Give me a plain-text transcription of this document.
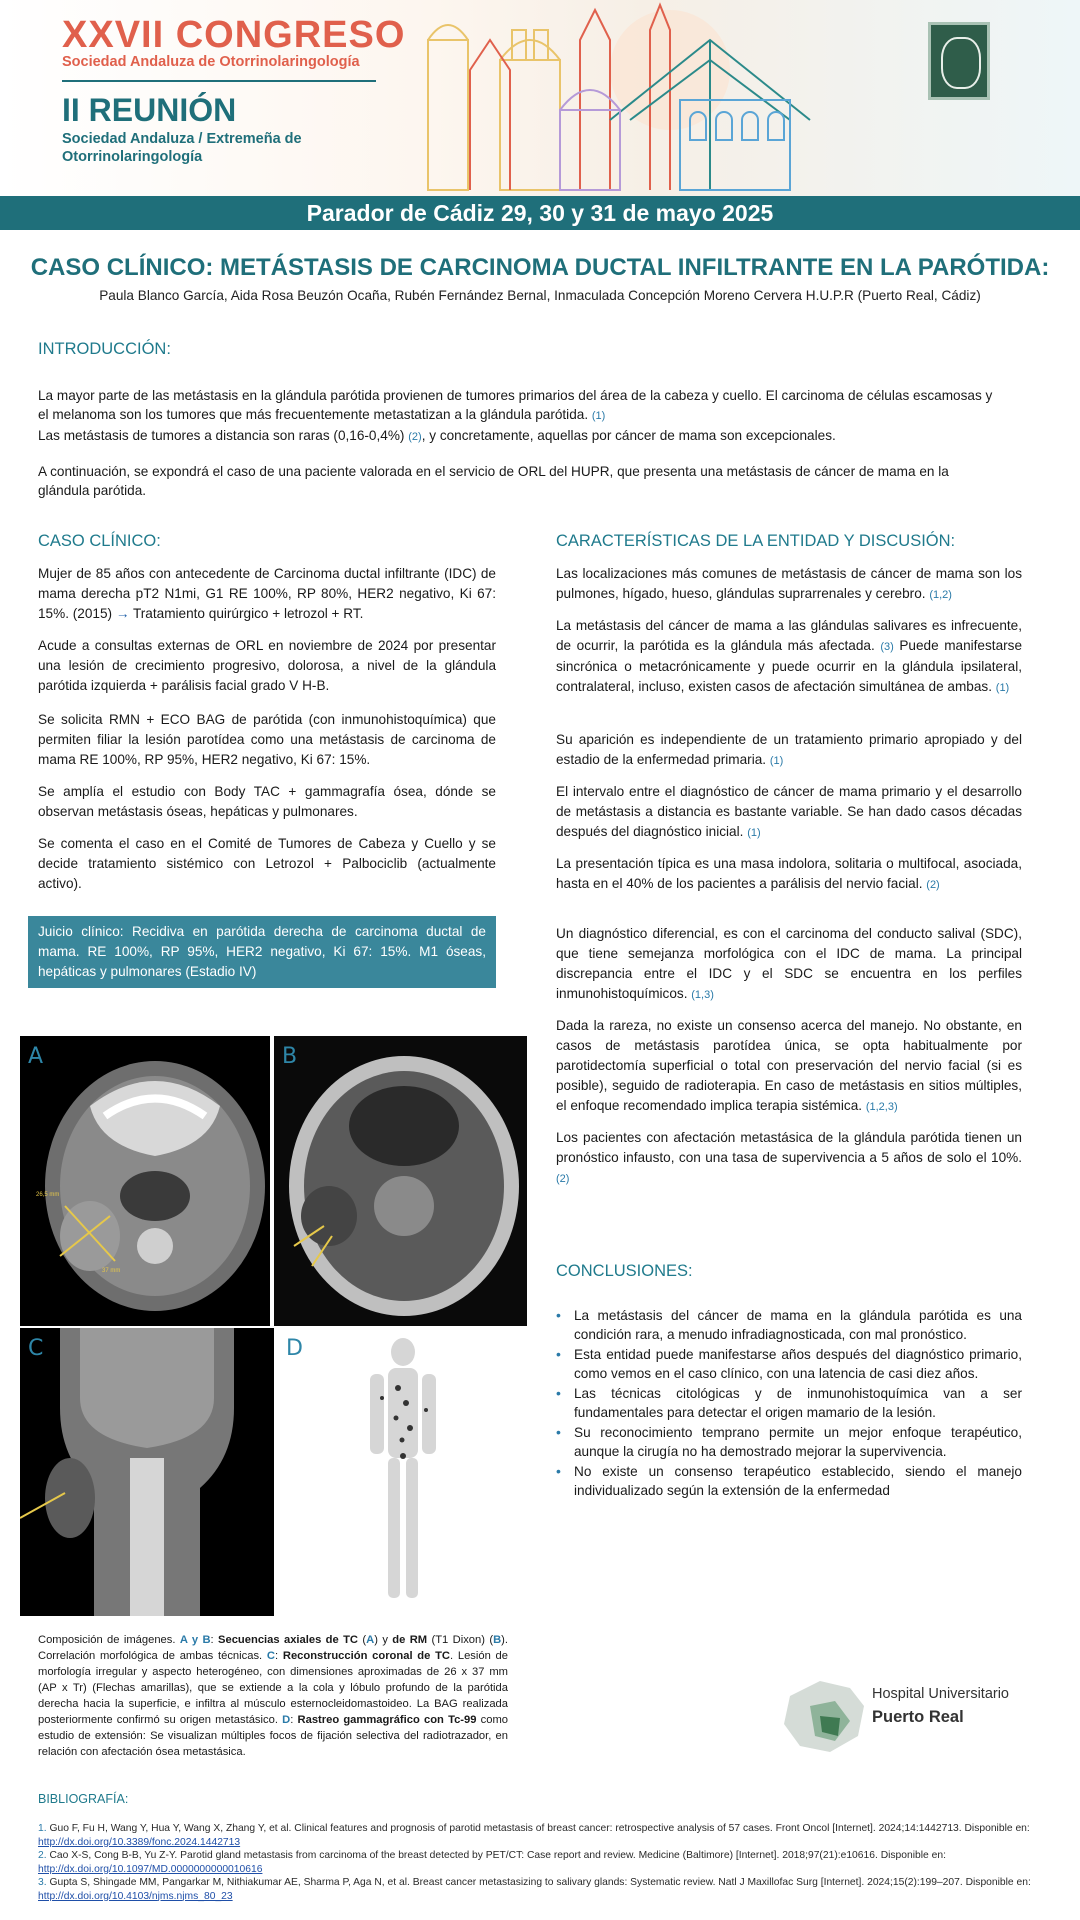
XXVII CONGRESO
Sociedad Andaluza de Otorrinolaringología
II REUNIÓN
Sociedad Andaluza / Extremeña de Otorrinolaringología
Parador de Cádiz 29, 30 y 31 de mayo 2025
CASO CLÍNICO: METÁSTASIS DE CARCINOMA DUCTAL INFILTRANTE EN LA PARÓTIDA:
Paula Blanco García, Aida Rosa Beuzón Ocaña, Rubén Fernández Bernal, Inmaculada Concepción Moreno Cervera H.U.P.R (Puerto Real, Cádiz)
INTRODUCCIÓN:
La mayor parte de las metástasis en la glándula parótida provienen de tumores primarios del área de la cabeza y cuello. El carcinoma de células escamosas y el melanoma son los tumores que más frecuentemente metastatizan a la glándula parótida. (1)
Las metástasis de tumores a distancia son raras (0,16-0,4%) (2), y concretamente, aquellas por cáncer de mama son excepcionales.
A continuación, se expondrá el caso de una paciente valorada en el servicio de ORL del HUPR, que presenta una metástasis de cáncer de mama en la glándula parótida.
CASO CLÍNICO:
Mujer de 85 años con antecedente de Carcinoma ductal infiltrante (IDC) de mama derecha pT2 N1mi, G1 RE 100%, RP 80%, HER2 negativo, Ki 67: 15%. (2015) → Tratamiento quirúrgico + letrozol + RT.
Acude a consultas externas de ORL en noviembre de 2024 por presentar una lesión de crecimiento progresivo, dolorosa, a nivel de la glándula parótida izquierda + parálisis facial grado V H-B.
Se solicita RMN + ECO BAG de parótida (con inmunohistoquímica) que permiten filiar la lesión parotídea como una metástasis de carcinoma de mama RE 100%, RP 95%, HER2 negativo, Ki 67: 15%.
Se amplía el estudio con Body TAC + gammagrafía ósea, dónde se observan metástasis óseas, hepáticas y pulmonares.
Se comenta el caso en el Comité de Tumores de Cabeza y Cuello y se decide tratamiento sistémico con Letrozol + Palbociclib (actualmente activo).
Juicio clínico: Recidiva en parótida derecha de carcinoma ductal de mama. RE 100%, RP 95%, HER2 negativo, Ki 67: 15%. M1 óseas, hepáticas y pulmonares (Estadio IV)
26,5 mm
37 mm
A	B
C	D
Composición de imágenes. A y B: Secuencias axiales de TC (A) y de RM (T1 Dixon) (B). Correlación morfológica de ambas técnicas. C: Reconstrucción coronal de TC. Lesión de morfología irregular y aspecto heterogéneo, con dimensiones aproximadas de 26 x 37 mm (AP x Tr) (Flechas amarillas), que se extiende a la cola y lóbulo profundo de la parótida derecha hacia la superficie, e infiltra al músculo esternocleidomastoideo. La BAG realizada posteriormente confirmó su origen metastásico. D: Rastreo gammagráfico con Tc-99 como estudio de extensión: Se visualizan múltiples focos de fijación selectiva del radiotrazador, en relación con afectación ósea metastásica.
CARACTERÍSTICAS DE LA ENTIDAD Y DISCUSIÓN:
Las localizaciones más comunes de metástasis de cáncer de mama son los pulmones, hígado, hueso, glándulas suprarrenales y cerebro. (1,2)
La metástasis del cáncer de mama a las glándulas salivares es infrecuente, de ocurrir, la parótida es la glándula más afectada. (3) Puede manifestarse sincrónica o metacrónicamente y puede ocurrir en la glándula ipsilateral, contralateral, incluso, existen casos de afectación simultánea de ambas. (1)
Su aparición es independiente de un tratamiento primario apropiado y del estadio de la enfermedad primaria. (1)
El intervalo entre el diagnóstico de cáncer de mama primario y el desarrollo de metástasis a distancia es bastante variable. Se han dado casos décadas después del diagnóstico inicial. (1)
La presentación típica es una masa indolora, solitaria o multifocal, asociada, hasta en el 40% de los pacientes a parálisis del nervio facial. (2)
Un diagnóstico diferencial, es con el carcinoma del conducto salival (SDC), que tiene semejanza morfológica con el IDC de mama. La principal discrepancia entre el IDC y el SDC se encuentra en los perfiles inmunohistoquímicos. (1,3)
Dada la rareza, no existe un consenso acerca del manejo. No obstante, en casos de metástasis parotídea única, se opta habitualmente por parotidectomía superficial o total con preservación del nervio facial (si es posible), seguido de radioterapia. En caso de metástasis en sitios múltiples, el enfoque recomendado implica terapia sistémica. (1,2,3)
Los pacientes con afectación metastásica de la glándula parótida tienen un pronóstico infausto, con una tasa de supervivencia a 5 años de solo el 10%. (2)
CONCLUSIONES:
• La metástasis del cáncer de mama en la glándula parótida es una condición rara, a menudo infradiagnosticada, con mal pronóstico.
• Esta entidad puede manifestarse años después del diagnóstico primario, como vemos en el caso clínico, con una latencia de casi diez años.
• Las técnicas citológicas y de inmunohistoquímica van a ser fundamentales para detectar el origen mamario de la lesión.
• Su reconocimiento temprano permite un mejor enfoque terapéutico, aunque la cirugía no ha demostrado mejorar la supervivencia.
• No existe un consenso terapéutico establecido, siendo el manejo individualizado según la extensión de la enfermedad
Hospital Universitario
Puerto Real
BIBLIOGRAFÍA:
1. Guo F, Fu H, Wang Y, Hua Y, Wang X, Zhang Y, et al. Clinical features and prognosis of parotid metastasis of breast cancer: retrospective analysis of 57 cases. Front Oncol [Internet]. 2024;14:1442713. Disponible en: http://dx.doi.org/10.3389/fonc.2024.1442713
2. Cao X-S, Cong B-B, Yu Z-Y. Parotid gland metastasis from carcinoma of the breast detected by PET/CT: Case report and review. Medicine (Baltimore) [Internet]. 2018;97(21):e10616. Disponible en: http://dx.doi.org/10.1097/MD.0000000000010616
3. Gupta S, Shingade MM, Pangarkar M, Nithiakumar AE, Sharma P, Aga N, et al. Breast cancer metastasizing to salivary glands: Systematic review. Natl J Maxillofac Surg [Internet]. 2024;15(2):199–207. Disponible en: http://dx.doi.org/10.4103/njms.njms_80_23
